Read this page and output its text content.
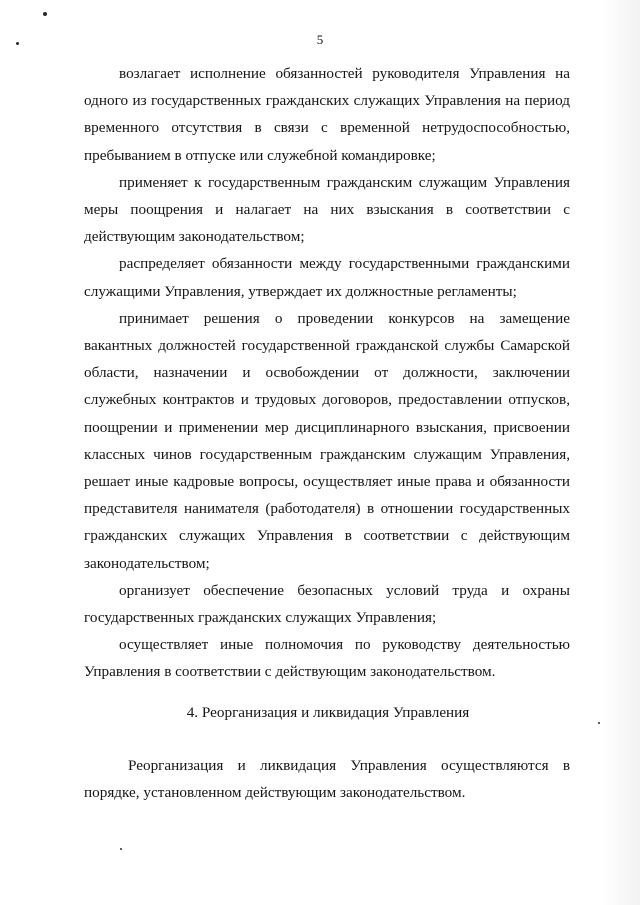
5

возлагает исполнение обязанностей руководителя Управления на одного из государственных гражданских служащих Управления на период временного отсутствия в связи с временной нетрудоспособностью, пребыванием в отпуске или служебной командировке;

применяет к государственным гражданским служащим Управления меры поощрения и налагает на них взыскания в соответствии с действующим законодательством;

распределяет обязанности между государственными гражданскими служащими Управления, утверждает их должностные регламенты;

принимает решения о проведении конкурсов на замещение вакантных должностей государственной гражданской службы Самарской области, назначении и освобождении от должности, заключении служебных контрактов и трудовых договоров, предоставлении отпусков, поощрении и применении мер дисциплинарного взыскания, присвоении классных чинов государственным гражданским служащим Управления, решает иные кадровые вопросы, осуществляет иные права и обязанности представителя нанимателя (работодателя) в отношении государственных гражданских служащих Управления в соответствии с действующим законодательством;

организует обеспечение безопасных условий труда и охраны государственных гражданских служащих Управления;

осуществляет иные полномочия по руководству деятельностью Управления в соответствии с действующим законодательством.

4. Реорганизация и ликвидация Управления

Реорганизация и ликвидация Управления осуществляются в порядке, установленном действующим законодательством.
